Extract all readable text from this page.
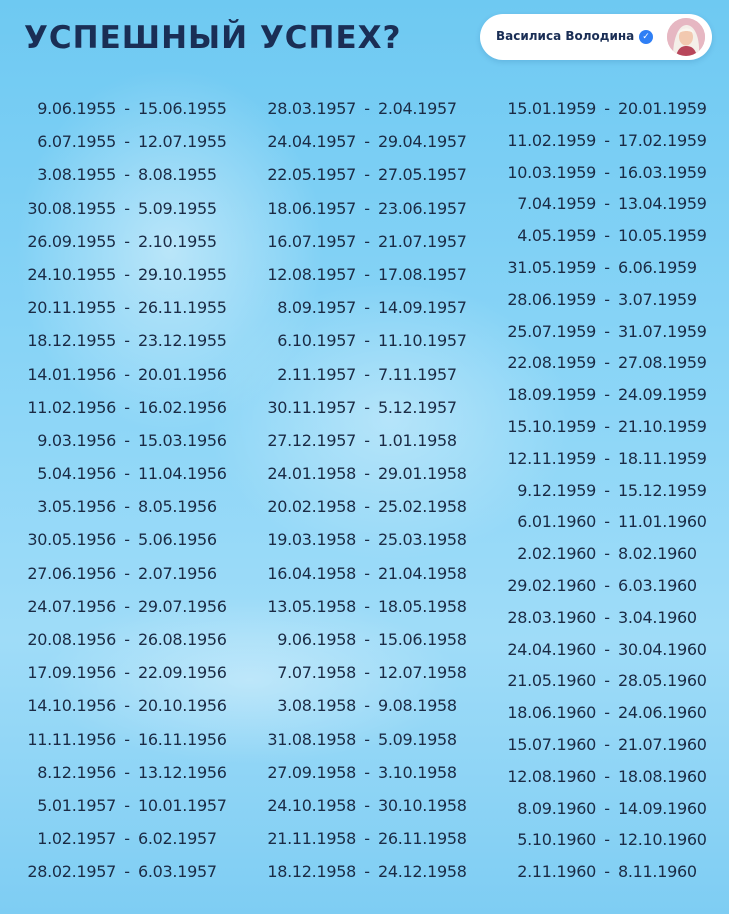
УСПЕШНЫЙ УСПЕХ?	Василиса Володина ✓
9.06.1955 - 15.06.1955
6.07.1955 - 12.07.1955
3.08.1955 - 8.08.1955
30.08.1955 - 5.09.1955
26.09.1955 - 2.10.1955
24.10.1955 - 29.10.1955
20.11.1955 - 26.11.1955
18.12.1955 - 23.12.1955
14.01.1956 - 20.01.1956
11.02.1956 - 16.02.1956
9.03.1956 - 15.03.1956
5.04.1956 - 11.04.1956
3.05.1956 - 8.05.1956
30.05.1956 - 5.06.1956
27.06.1956 - 2.07.1956
24.07.1956 - 29.07.1956
20.08.1956 - 26.08.1956
17.09.1956 - 22.09.1956
14.10.1956 - 20.10.1956
11.11.1956 - 16.11.1956
8.12.1956 - 13.12.1956
5.01.1957 - 10.01.1957
1.02.1957 - 6.02.1957
28.02.1957 - 6.03.1957
28.03.1957 - 2.04.1957
24.04.1957 - 29.04.1957
22.05.1957 - 27.05.1957
18.06.1957 - 23.06.1957
16.07.1957 - 21.07.1957
12.08.1957 - 17.08.1957
8.09.1957 - 14.09.1957
6.10.1957 - 11.10.1957
2.11.1957 - 7.11.1957
30.11.1957 - 5.12.1957
27.12.1957 - 1.01.1958
24.01.1958 - 29.01.1958
20.02.1958 - 25.02.1958
19.03.1958 - 25.03.1958
16.04.1958 - 21.04.1958
13.05.1958 - 18.05.1958
9.06.1958 - 15.06.1958
7.07.1958 - 12.07.1958
3.08.1958 - 9.08.1958
31.08.1958 - 5.09.1958
27.09.1958 - 3.10.1958
24.10.1958 - 30.10.1958
21.11.1958 - 26.11.1958
18.12.1958 - 24.12.1958
15.01.1959 - 20.01.1959
11.02.1959 - 17.02.1959
10.03.1959 - 16.03.1959
7.04.1959 - 13.04.1959
4.05.1959 - 10.05.1959
31.05.1959 - 6.06.1959
28.06.1959 - 3.07.1959
25.07.1959 - 31.07.1959
22.08.1959 - 27.08.1959
18.09.1959 - 24.09.1959
15.10.1959 - 21.10.1959
12.11.1959 - 18.11.1959
9.12.1959 - 15.12.1959
6.01.1960 - 11.01.1960
2.02.1960 - 8.02.1960
29.02.1960 - 6.03.1960
28.03.1960 - 3.04.1960
24.04.1960 - 30.04.1960
21.05.1960 - 28.05.1960
18.06.1960 - 24.06.1960
15.07.1960 - 21.07.1960
12.08.1960 - 18.08.1960
8.09.1960 - 14.09.1960
5.10.1960 - 12.10.1960
2.11.1960 - 8.11.1960
